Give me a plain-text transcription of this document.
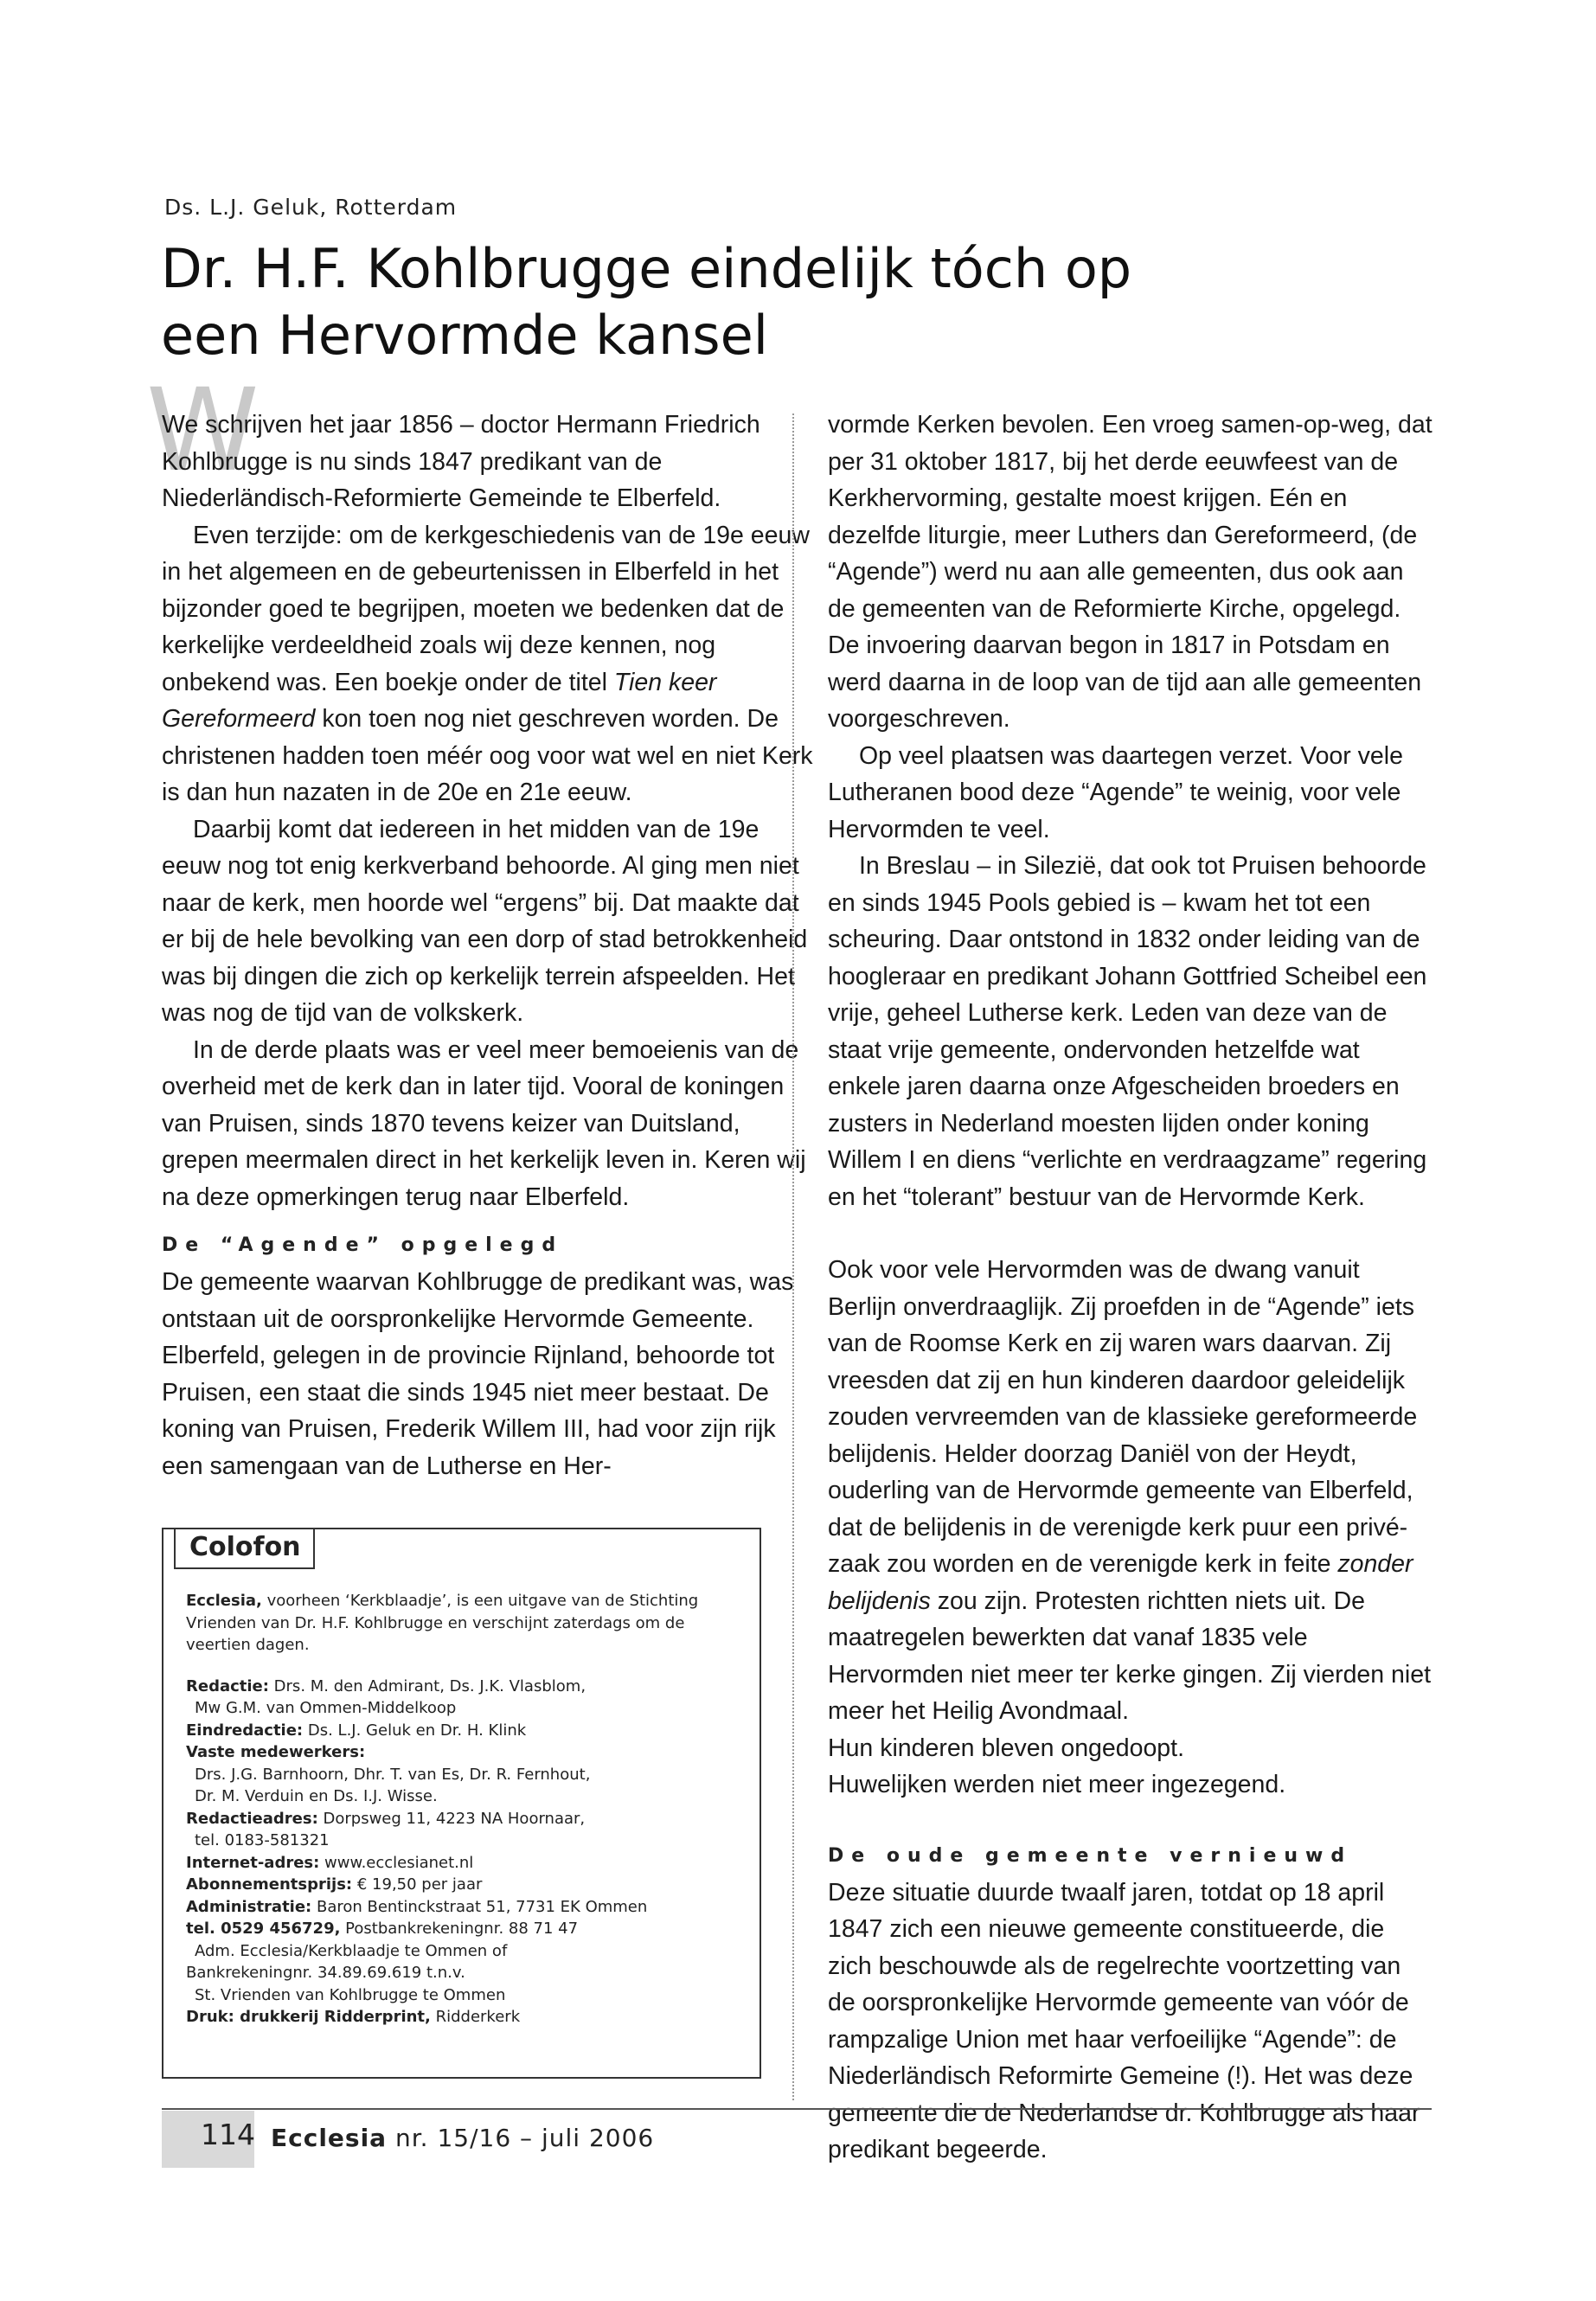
Ds. L.J. Geluk, Rotterdam
Dr. H.F. Kohlbrugge eindelijk tóch op een Hervormde kansel
W

We schrijven het jaar 1856 – doctor Hermann Friedrich Kohlbrugge is nu sinds 1847 predikant van de Niederländisch-Reformierte Gemeinde te Elberfeld.

Even terzijde: om de kerkgeschiedenis van de 19e eeuw in het algemeen en de gebeurtenissen in Elberfeld in het bijzonder goed te begrijpen, moeten we bedenken dat de kerkelijke verdeeldheid zoals wij deze kennen, nog onbekend was. Een boekje onder de titel Tien keer Gereformeerd kon toen nog niet geschreven worden. De christenen hadden toen méér oog voor wat wel en niet Kerk is dan hun nazaten in de 20e en 21e eeuw.

Daarbij komt dat iedereen in het midden van de 19e eeuw nog tot enig kerkverband behoorde. Al ging men niet naar de kerk, men hoorde wel “ergens” bij. Dat maakte dat er bij de hele bevolking van een dorp of stad betrokkenheid was bij dingen die zich op kerkelijk terrein afspeelden. Het was nog de tijd van de volkskerk.

In de derde plaats was er veel meer bemoeienis van de overheid met de kerk dan in later tijd. Vooral de koningen van Pruisen, sinds 1870 tevens keizer van Duitsland, grepen meermalen direct in het kerkelijk leven in. Keren wij na deze opmerkingen terug naar Elberfeld.

De “Agende” opgelegd

De gemeente waarvan Kohlbrugge de predikant was, was ontstaan uit de oorspronkelijke Hervormde Gemeente. Elberfeld, gelegen in de provincie Rijnland, behoorde tot Pruisen, een staat die sinds 1945 niet meer bestaat. De koning van Pruisen, Frederik Willem III, had voor zijn rijk een samengaan van de Lutherse en Her-

vormde Kerken bevolen. Een vroeg samen-op-weg, dat per 31 oktober 1817, bij het derde eeuwfeest van de Kerkhervorming, gestalte moest krijgen. Eén en dezelfde liturgie, meer Luthers dan Gereformeerd, (de “Agende”) werd nu aan alle gemeenten, dus ook aan de gemeenten van de Reformierte Kirche, opgelegd. De invoering daarvan begon in 1817 in Potsdam en werd daarna in de loop van de tijd aan alle gemeenten voorgeschreven.

Op veel plaatsen was daartegen verzet. Voor vele Lutheranen bood deze “Agende” te weinig, voor vele Hervormden te veel.

In Breslau – in Silezië, dat ook tot Pruisen behoorde en sinds 1945 Pools gebied is – kwam het tot een scheuring. Daar ontstond in 1832 onder leiding van de hoogleraar en predikant Johann Gottfried Scheibel een vrije, geheel Lutherse kerk. Leden van deze van de staat vrije gemeente, ondervonden hetzelfde wat enkele jaren daarna onze Afgescheiden broeders en zusters in Nederland moesten lijden onder koning Willem I en diens “verlichte en verdraagzame” regering en het “tolerant” bestuur van de Hervormde Kerk.

Ook voor vele Hervormden was de dwang vanuit Berlijn onverdraaglijk. Zij proefden in de “Agende” iets van de Roomse Kerk en zij waren wars daarvan. Zij vreesden dat zij en hun kinderen daardoor geleidelijk zouden vervreemden van de klassieke gereformeerde belijdenis. Helder doorzag Daniël von der Heydt, ouderling van de Hervormde gemeente van Elberfeld, dat de belijdenis in de verenigde kerk puur een privé-zaak zou worden en de verenigde kerk in feite zonder belijdenis zou zijn. Protesten richtten niets uit. De maatregelen bewerkten dat vanaf 1835 vele Hervormden niet meer ter kerke gingen. Zij vierden niet meer het Heilig Avondmaal.

Hun kinderen bleven ongedoopt.

Huwelijken werden niet meer ingezegend.

De oude gemeente vernieuwd

Deze situatie duurde twaalf jaren, totdat op 18 april 1847 zich een nieuwe gemeente constitueerde, die zich beschouwde als de regelrechte voortzetting van de oorspronkelijke Hervormde gemeente van vóór de rampzalige Union met haar verfoeilijke “Agende”: de Niederländisch Reformirte Gemeine (!). Het was deze gemeente die de Nederlandse dr. Kohlbrugge als haar predikant begeerde.

Colofon

Ecclesia, voorheen ‘Kerkblaadje’, is een uitgave van de Stichting Vrienden van Dr. H.F. Kohlbrugge en verschijnt zaterdags om de veertien dagen.

Redactie: Drs. M. den Admirant, Ds. J.K. Vlasblom,

Mw G.M. van Ommen-Middelkoop

Eindredactie: Ds. L.J. Geluk en Dr. H. Klink

Vaste medewerkers:

Drs. J.G. Barnhoorn, Dhr. T. van Es, Dr. R. Fernhout,

Dr. M. Verduin en Ds. I.J. Wisse.

Redactieadres: Dorpsweg 11, 4223 NA Hoornaar,

tel. 0183-581321

Internet-adres: www.ecclesianet.nl

Abonnementsprijs: € 19,50 per jaar

Administratie: Baron Bentinckstraat 51, 7731 EK Ommen

tel. 0529 456729, Postbankrekeningnr. 88 71 47

Adm. Ecclesia/Kerkblaadje te Ommen of

Bankrekeningnr. 34.89.69.619 t.n.v.

St. Vrienden van Kohlbrugge te Ommen

Druk: drukkerij Ridderprint, Ridderkerk

114 Ecclesia nr. 15/16 – juli 2006
